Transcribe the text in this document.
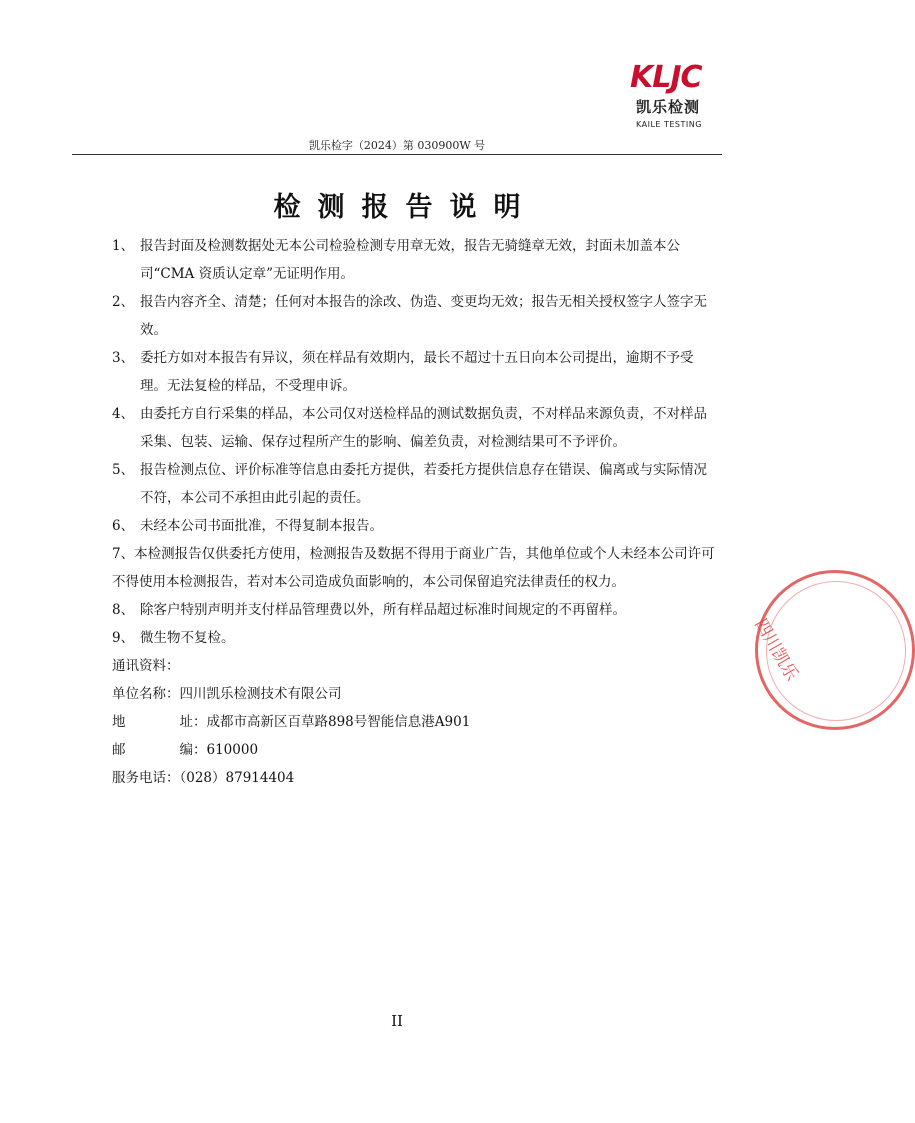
KLJC
凯乐检测
KAILE TESTING
凯乐检字（2024）第 030900W 号
检测报告说明
1、 报告封面及检测数据处无本公司检验检测专用章无效，报告无骑缝章无效，封面未加盖本公司“CMA 资质认定章”无证明作用。
2、 报告内容齐全、清楚；任何对本报告的涂改、伪造、变更均无效；报告无相关授权签字人签字无效。
3、 委托方如对本报告有异议，须在样品有效期内，最长不超过十五日向本公司提出，逾期不予受理。无法复检的样品，不受理申诉。
4、 由委托方自行采集的样品，本公司仅对送检样品的测试数据负责，不对样品来源负责，不对样品采集、包装、运输、保存过程所产生的影响、偏差负责，对检测结果可不予评价。
5、 报告检测点位、评价标准等信息由委托方提供，若委托方提供信息存在错误、偏离或与实际情况不符，本公司不承担由此引起的责任。
6、 未经本公司书面批准，不得复制本报告。
7、本检测报告仅供委托方使用，检测报告及数据不得用于商业广告，其他单位或个人未经本公司许可不得使用本检测报告，若对本公司造成负面影响的，本公司保留追究法律责任的权力。
8、 除客户特别声明并支付样品管理费以外，所有样品超过标准时间规定的不再留样。
9、 微生物不复检。
通讯资料：
单位名称：四川凯乐检测技术有限公司
地	址：成都市高新区百草路898号智能信息港A901
邮	编：610000
服务电话：（028）87914404
四川凯乐
II
